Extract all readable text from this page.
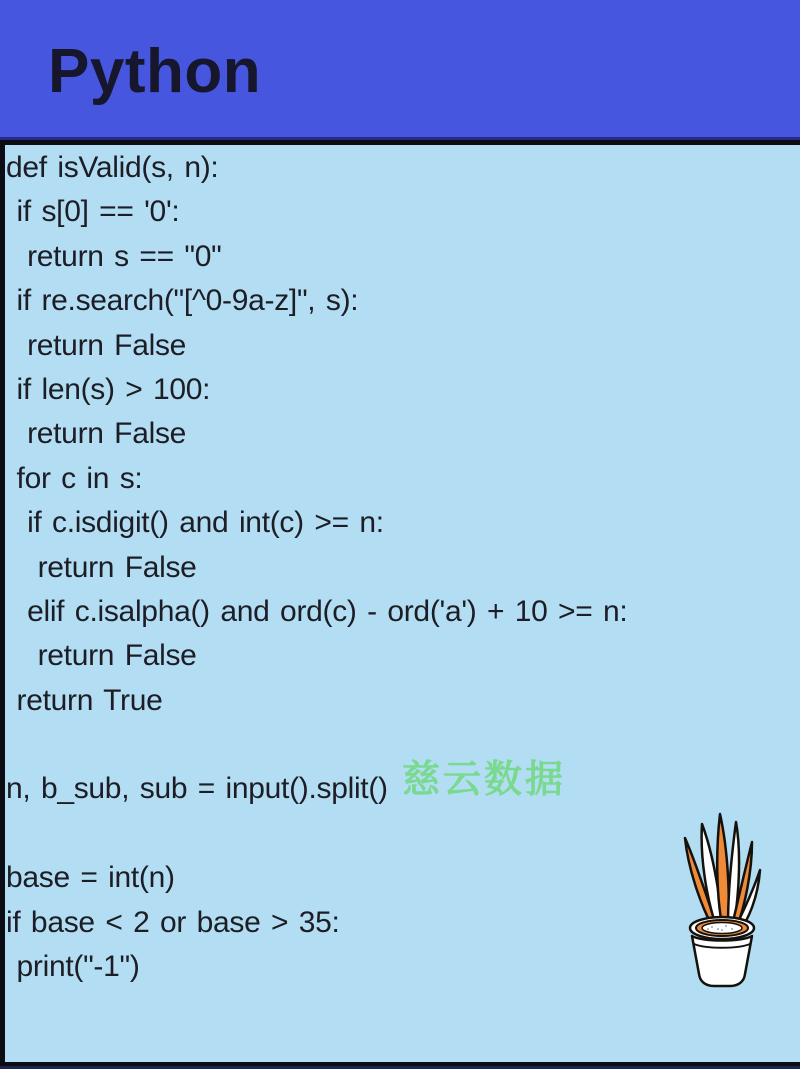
Python
def isValid(s, n):
if s[0] == '0':
return s == "0"
if re.search("[^0-9a-z]", s):
return False
if len(s) > 100:
return False
for c in s:
if c.isdigit() and int(c) >= n:
return False
elif c.isalpha() and ord(c) - ord('a') + 10 >= n:
return False
return True
n, b_sub, sub = input().split()
base = int(n)
if base < 2 or base > 35:
print("-1")
慈云数据
